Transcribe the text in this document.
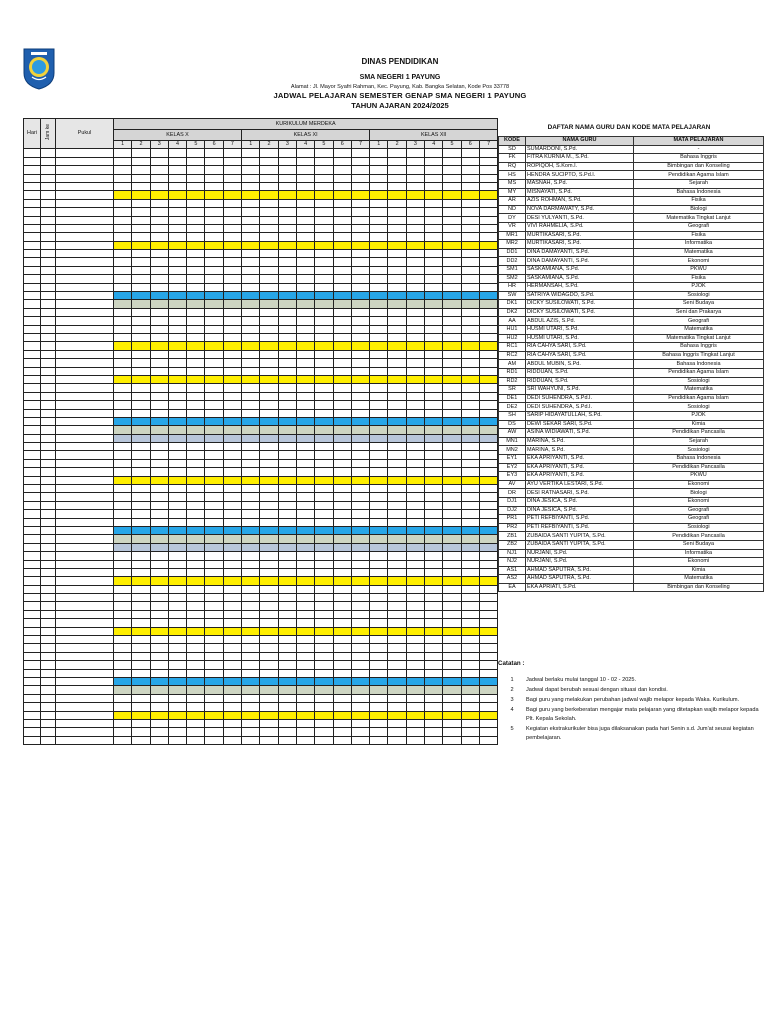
DINAS PENDIDIKAN
SMA NEGERI 1 PAYUNG
Alamat : Jl. Mayor Syafri Rahman, Kec. Payung, Kab. Bangka Selatan, Kode Pos 33778
JADWAL PELAJARAN SEMESTER GENAP SMA NEGERI 1 PAYUNG
TAHUN AJARAN 2024/2025
Hari	Jam ke	Pukul	KURIKULUM MERDEKA																				
			KELAS X							KELAS XI							KELAS XII						
			1	2	3	4	5	6	7	1	2	3	4	5	6	7	1	2	3	4	5	6	7

DAFTAR NAMA GURU DAN KODE MATA PELAJARAN
KODE	NAMA GURU	MATA PELAJARAN
SD	SUMARDONI, S.Pd.	-
FK	FITRA KURNIA M., S.Pd.	Bahasa Inggris
RQ	ROPIQOH, S.Kom.I.	Bimbingan dan Konseling
HS	HENDRA SUCIPTO, S.Pd.I.	Pendidikan Agama Islam
MS	MASNAH, S.Pd.	Sejarah
MY	MISNAYATI, S.Pd.	Bahasa Indonesia
AR	AZIS ROHMAN, S.Pd.	Fisika
ND	NOVA DARMAWATY, S.Pd.	Biologi
DY	DESI YULYANTI, S.Pd.	Matematika Tingkat Lanjut
VR	VIVI RAHMELIA, S.Pd.	Geografi
MR1	MURTIKASARI, S.Pd.	Fisika
MR2	MURTIKASARI, S.Pd.	Informatika
DD1	DINA DAMAYANTI, S.Pd.	Matematika
DD2	DINA DAMAYANTI, S.Pd.	Ekonomi
SM1	SASKAMIANA, S.Pd.	PKWU
SM2	SASKAMIANA, S.Pd.	Fisika
HR	HERMANSAH, S.Pd.	PJOK
SW	SATRIYA WIDAGDO, S.Pd.	Sosiologi
DK1	DICKY SUSILOWATI, S.Pd.	Seni Budaya
DK2	DICKY SUSILOWATI, S.Pd.	Seni dan Prakarya
AA	ABDUL AZIS, S.Pd.	Geografi
HU1	HUSMI UTARI, S.Pd.	Matematika
HU2	HUSMI UTARI, S.Pd.	Matematika Tingkat Lanjut
RC1	RIA CAHYA SARI, S.Pd.	Bahasa Inggris
RC2	RIA CAHYA SARI, S.Pd.	Bahasa Inggris Tingkat Lanjut
AM	ABDUL MUBIN, S.Pd.	Bahasa Indonesia
RD1	RIDDUAN, S.Pd.	Pendidikan Agama Islam
RD2	RIDDUAN, S.Pd.	Sosiologi
SR	SRI WAHYUNI, S.Pd.	Matematika
DE1	DEDI SUHENDRA, S.Pd.I.	Pendidikan Agama Islam
DE2	DEDI SUHENDRA, S.Pd.I.	Sosiologi
SH	SARIP HIDAYATULLAH, S.Pd.	PJOK
DS	DEWI SEKAR SARI, S.Pd.	Kimia
AW	ASINA WIDIAWATI, S.Pd.	Pendidikan Pancasila
MN1	MARINA, S.Pd.	Sejarah
MN2	MARINA, S.Pd.	Sosiologi
EY1	EKA APRIYANTI, S.Pd.	Bahasa Indonesia
EY2	EKA APRIYANTI, S.Pd.	Pendidikan Pancasila
EY3	EKA APRIYANTI, S.Pd.	PKWU
AV	AYU VERTIKA LESTARI, S.Pd.	Ekonomi
DR	DESI RATNASARI, S.Pd.	Biologi
DJ1	DINA JESICA, S.Pd.	Ekonomi
DJ2	DINA JESICA, S.Pd.	Geografi
PR1	PETI REFBIYANTI, S.Pd.	Geografi
PR2	PETI REFBIYANTI, S.Pd.	Sosiologi
ZB1	ZUBAIDA SANTI YUPITA, S.Pd.	Pendidikan Pancasila
ZB2	ZUBAIDA SANTI YUPITA, S.Pd.	Seni Budaya
NJ1	NURJANI, S.Pd.	Informatika
NJ2	NURJANI, S.Pd.	Ekonomi
AS1	AHMAD SAPUTRA, S.Pd.	Kimia
AS2	AHMAD SAPUTRA, S.Pd.	Matematika
EA	EKA APRIATI, S.Pd.	Bimbingan dan Konseling
Catatan :
1	Jadwal berlaku mulai tanggal 10 - 02 - 2025.
2	Jadwal dapat berubah sesuai dengan situasi dan kondisi.
3	Bagi guru yang melakukan perubahan jadwal wajib melapor kepada Waka. Kurikulum.
4	Bagi guru yang berkeberatan mengajar mata pelajaran yang ditetapkan wajib melapor kepada Plt. Kepala Sekolah.
5	Kegiatan ekstrakurikuler bisa juga dilaksanakan pada hari Senin s.d. Jum'at seusai kegiatan pembelajaran.
